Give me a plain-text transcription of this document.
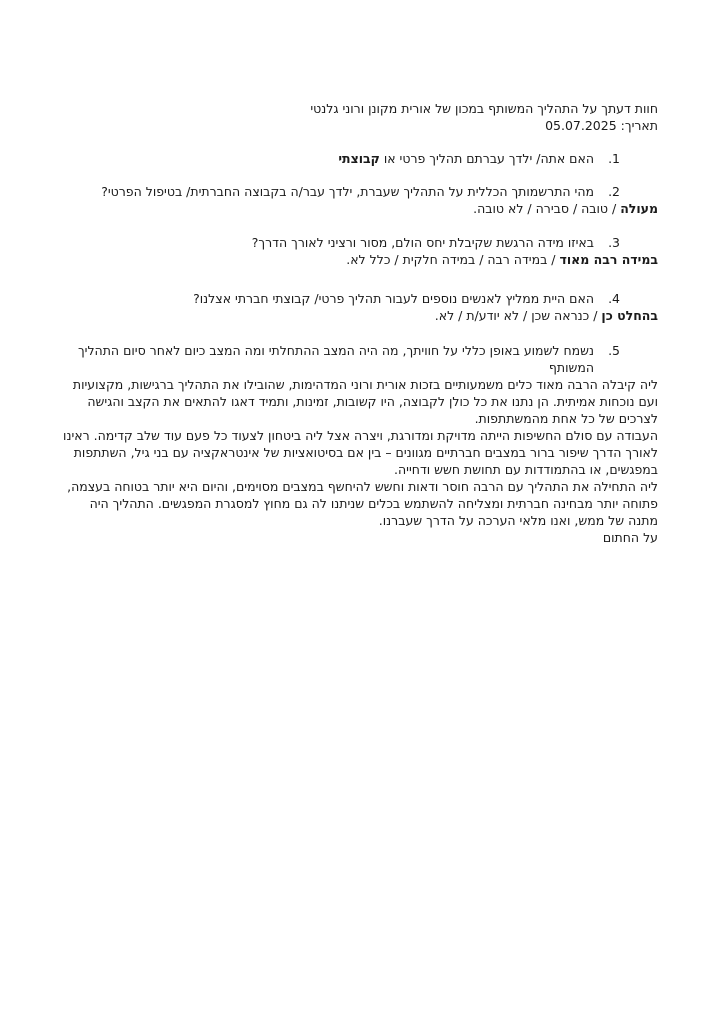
חוות דעתך על התהליך המשותף במכון של אורית מקונן ורוני גלנטי

תאריך: 05.07.2025

1.
האם אתה/ ילדך עברתם תהליך פרטי או קבוצתי
2.
מהי התרשמותך הכללית על התהליך שעברת, ילדך עבר/ה בקבוצה החברתית/ בטיפול הפרטי?

מעולה / טובה / סבירה / לא טובה.

3.
באיזו מידה הרגשת שקיבלת יחס הולם, מסור ורציני לאורך הדרך?

במידה רבה מאוד / במידה רבה / במידה חלקית / כלל לא.

4.
האם היית ממליץ לאנשים נוספים לעבור תהליך פרטי/ קבוצתי חברתי אצלנו?

בהחלט כן / כנראה שכן / לא יודע/ת / לא.

5.
נשמח לשמוע באופן כללי על חוויתך, מה היה המצב ההתחלתי ומה המצב כיום לאחר סיום התהליך המשותף

ליה קיבלה הרבה מאוד כלים משמעותיים בזכות אורית ורוני המדהימות, שהובילו את התהליך ברגישות, מקצועיות ועם נוכחות אמיתית. הן נתנו את כל כולן לקבוצה, היו קשובות, זמינות, ותמיד דאגו להתאים את הקצב והגישה לצרכים של כל אחת מהמשתתפות.

העבודה עם סולם החשיפות הייתה מדויקת ומדורגת, ויצרה אצל ליה ביטחון לצעוד כל פעם עוד שלב קדימה. ראינו לאורך הדרך שיפור ברור במצבים חברתיים מגוונים – בין אם בסיטואציות של אינטראקציה עם בני גיל, השתתפות במפגשים, או בהתמודדות עם תחושת חשש ודחייה.

ליה התחילה את התהליך עם הרבה חוסר ודאות וחשש להיחשף במצבים מסוימים, והיום היא יותר בטוחה בעצמה, פתוחה יותר מבחינה חברתית ומצליחה להשתמש בכלים שניתנו לה גם מחוץ למסגרת המפגשים. התהליך היה מתנה של ממש, ואנו מלאי הערכה על הדרך שעברנו.

על החתום
